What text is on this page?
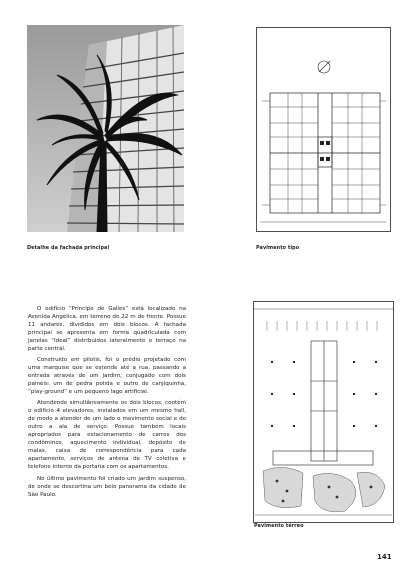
Detalhe da fachada principal	Pavimento tipo
Pavimento térreo

O edifício “Príncipe de Galles” está localizado na Avenida Angélica, em terreno de 22 m de frente. Possue 11 andares, divididos em dois blocos. A fachada principal se apresenta em forma quadriculada com janelas “Ideal” distribuidos lateralmente e terraço na parte central.

Construido em pilotis, foi o prédio projetado com uma marquise que se estende até a rua, passando a entrada através de um jardim, conjugado com dois painéis: um de pedra polida e outro de canjiquinha, “play-ground” e um pequeno lago artificial.

Atendendo simultâneamente os dois blocos, contém o edifício 4 elevadores, instalados em um mesmo hall, de modo a atender de um lado o movimento social e do outro a ala de serviço. Possue também locais apropriados para estacionamento de carros dos condôminos, aquecimento individual, depósito de malas, caixa de correspondência para cada apartamento, serviços de antena de TV coletiva e telefone interno da portaria com os apartamentos.

No último pavimento foi criado um jardim suspenso, de onde se descortina um belo panorama da cidade de São Paulo.

141
